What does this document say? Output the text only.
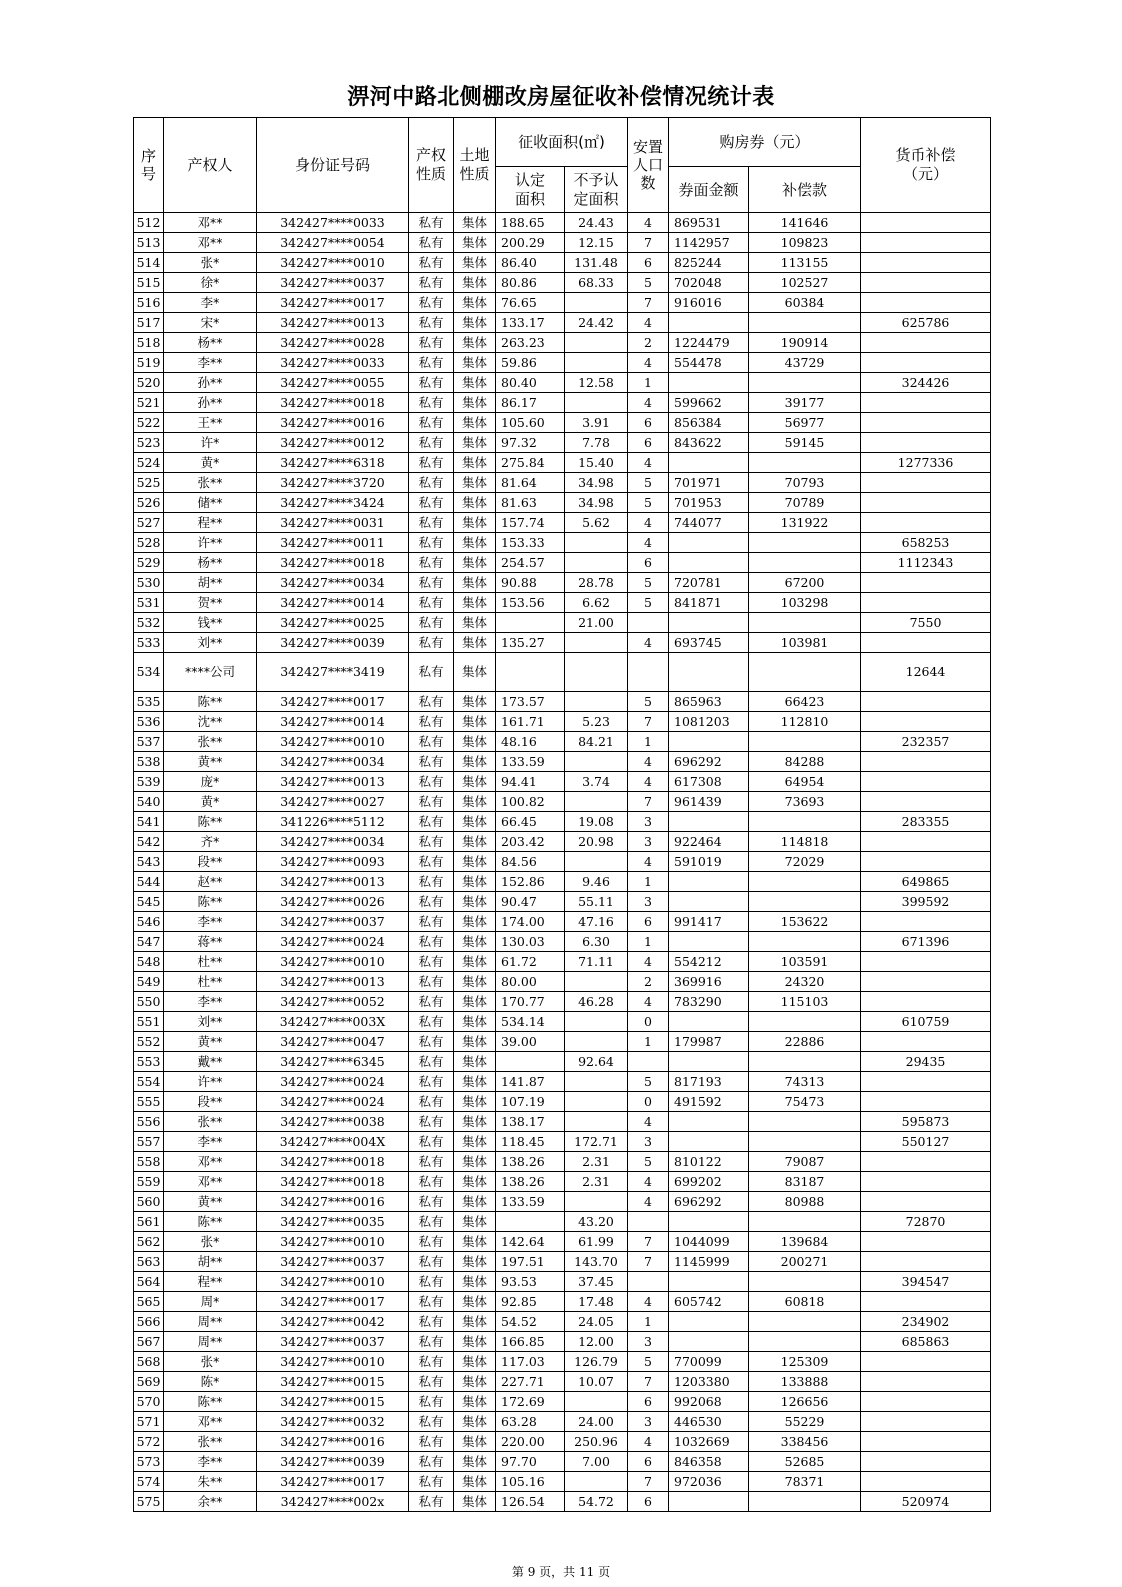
淠河中路北侧棚改房屋征收补偿情况统计表
序号	产权人	身份证号码	产权性质	土地性质	征收面积(㎡)		安置人口数	购房券（元）		货币补偿（元）
					认定面积	不予认定面积		券面金额	补偿款	
512	邓**	342427****0033	私有	集体	188.65	24.43	4	869531	141646	
513	邓**	342427****0054	私有	集体	200.29	12.15	7	1142957	109823	
514	张*	342427****0010	私有	集体	86.40	131.48	6	825244	113155	
515	徐*	342427****0037	私有	集体	80.86	68.33	5	702048	102527	
516	李*	342427****0017	私有	集体	76.65		7	916016	60384	
517	宋*	342427****0013	私有	集体	133.17	24.42	4			625786
518	杨**	342427****0028	私有	集体	263.23		2	1224479	190914	
519	李**	342427****0033	私有	集体	59.86		4	554478	43729	
520	孙**	342427****0055	私有	集体	80.40	12.58	1			324426
521	孙**	342427****0018	私有	集体	86.17		4	599662	39177	
522	王**	342427****0016	私有	集体	105.60	3.91	6	856384	56977	
523	许*	342427****0012	私有	集体	97.32	7.78	6	843622	59145	
524	黄*	342427****6318	私有	集体	275.84	15.40	4			1277336
525	张**	342427****3720	私有	集体	81.64	34.98	5	701971	70793	
526	储**	342427****3424	私有	集体	81.63	34.98	5	701953	70789	
527	程**	342427****0031	私有	集体	157.74	5.62	4	744077	131922	
528	许**	342427****0011	私有	集体	153.33		4			658253
529	杨**	342427****0018	私有	集体	254.57		6			1112343
530	胡**	342427****0034	私有	集体	90.88	28.78	5	720781	67200	
531	贺**	342427****0014	私有	集体	153.56	6.62	5	841871	103298	
532	钱**	342427****0025	私有	集体		21.00				7550
533	刘**	342427****0039	私有	集体	135.27		4	693745	103981	
534	****公司	342427****3419	私有	集体						12644
535	陈**	342427****0017	私有	集体	173.57		5	865963	66423	
536	沈**	342427****0014	私有	集体	161.71	5.23	7	1081203	112810	
537	张**	342427****0010	私有	集体	48.16	84.21	1			232357
538	黄**	342427****0034	私有	集体	133.59		4	696292	84288	
539	庞*	342427****0013	私有	集体	94.41	3.74	4	617308	64954	
540	黄*	342427****0027	私有	集体	100.82		7	961439	73693	
541	陈**	341226****5112	私有	集体	66.45	19.08	3			283355
542	齐*	342427****0034	私有	集体	203.42	20.98	3	922464	114818	
543	段**	342427****0093	私有	集体	84.56		4	591019	72029	
544	赵**	342427****0013	私有	集体	152.86	9.46	1			649865
545	陈**	342427****0026	私有	集体	90.47	55.11	3			399592
546	李**	342427****0037	私有	集体	174.00	47.16	6	991417	153622	
547	蒋**	342427****0024	私有	集体	130.03	6.30	1			671396
548	杜**	342427****0010	私有	集体	61.72	71.11	4	554212	103591	
549	杜**	342427****0013	私有	集体	80.00		2	369916	24320	
550	李**	342427****0052	私有	集体	170.77	46.28	4	783290	115103	
551	刘**	342427****003X	私有	集体	534.14		0			610759
552	黄**	342427****0047	私有	集体	39.00		1	179987	22886	
553	戴**	342427****6345	私有	集体		92.64				29435
554	许**	342427****0024	私有	集体	141.87		5	817193	74313	
555	段**	342427****0024	私有	集体	107.19		0	491592	75473	
556	张**	342427****0038	私有	集体	138.17		4			595873
557	李**	342427****004X	私有	集体	118.45	172.71	3			550127
558	邓**	342427****0018	私有	集体	138.26	2.31	5	810122	79087	
559	邓**	342427****0018	私有	集体	138.26	2.31	4	699202	83187	
560	黄**	342427****0016	私有	集体	133.59		4	696292	80988	
561	陈**	342427****0035	私有	集体		43.20				72870
562	张*	342427****0010	私有	集体	142.64	61.99	7	1044099	139684	
563	胡**	342427****0037	私有	集体	197.51	143.70	7	1145999	200271	
564	程**	342427****0010	私有	集体	93.53	37.45				394547
565	周*	342427****0017	私有	集体	92.85	17.48	4	605742	60818	
566	周**	342427****0042	私有	集体	54.52	24.05	1			234902
567	周**	342427****0037	私有	集体	166.85	12.00	3			685863
568	张*	342427****0010	私有	集体	117.03	126.79	5	770099	125309	
569	陈*	342427****0015	私有	集体	227.71	10.07	7	1203380	133888	
570	陈**	342427****0015	私有	集体	172.69		6	992068	126656	
571	邓**	342427****0032	私有	集体	63.28	24.00	3	446530	55229	
572	张**	342427****0016	私有	集体	220.00	250.96	4	1032669	338456	
573	李**	342427****0039	私有	集体	97.70	7.00	6	846358	52685	
574	朱**	342427****0017	私有	集体	105.16		7	972036	78371	
575	余**	342427****002x	私有	集体	126.54	54.72	6			520974
第 9 页，共 11 页
